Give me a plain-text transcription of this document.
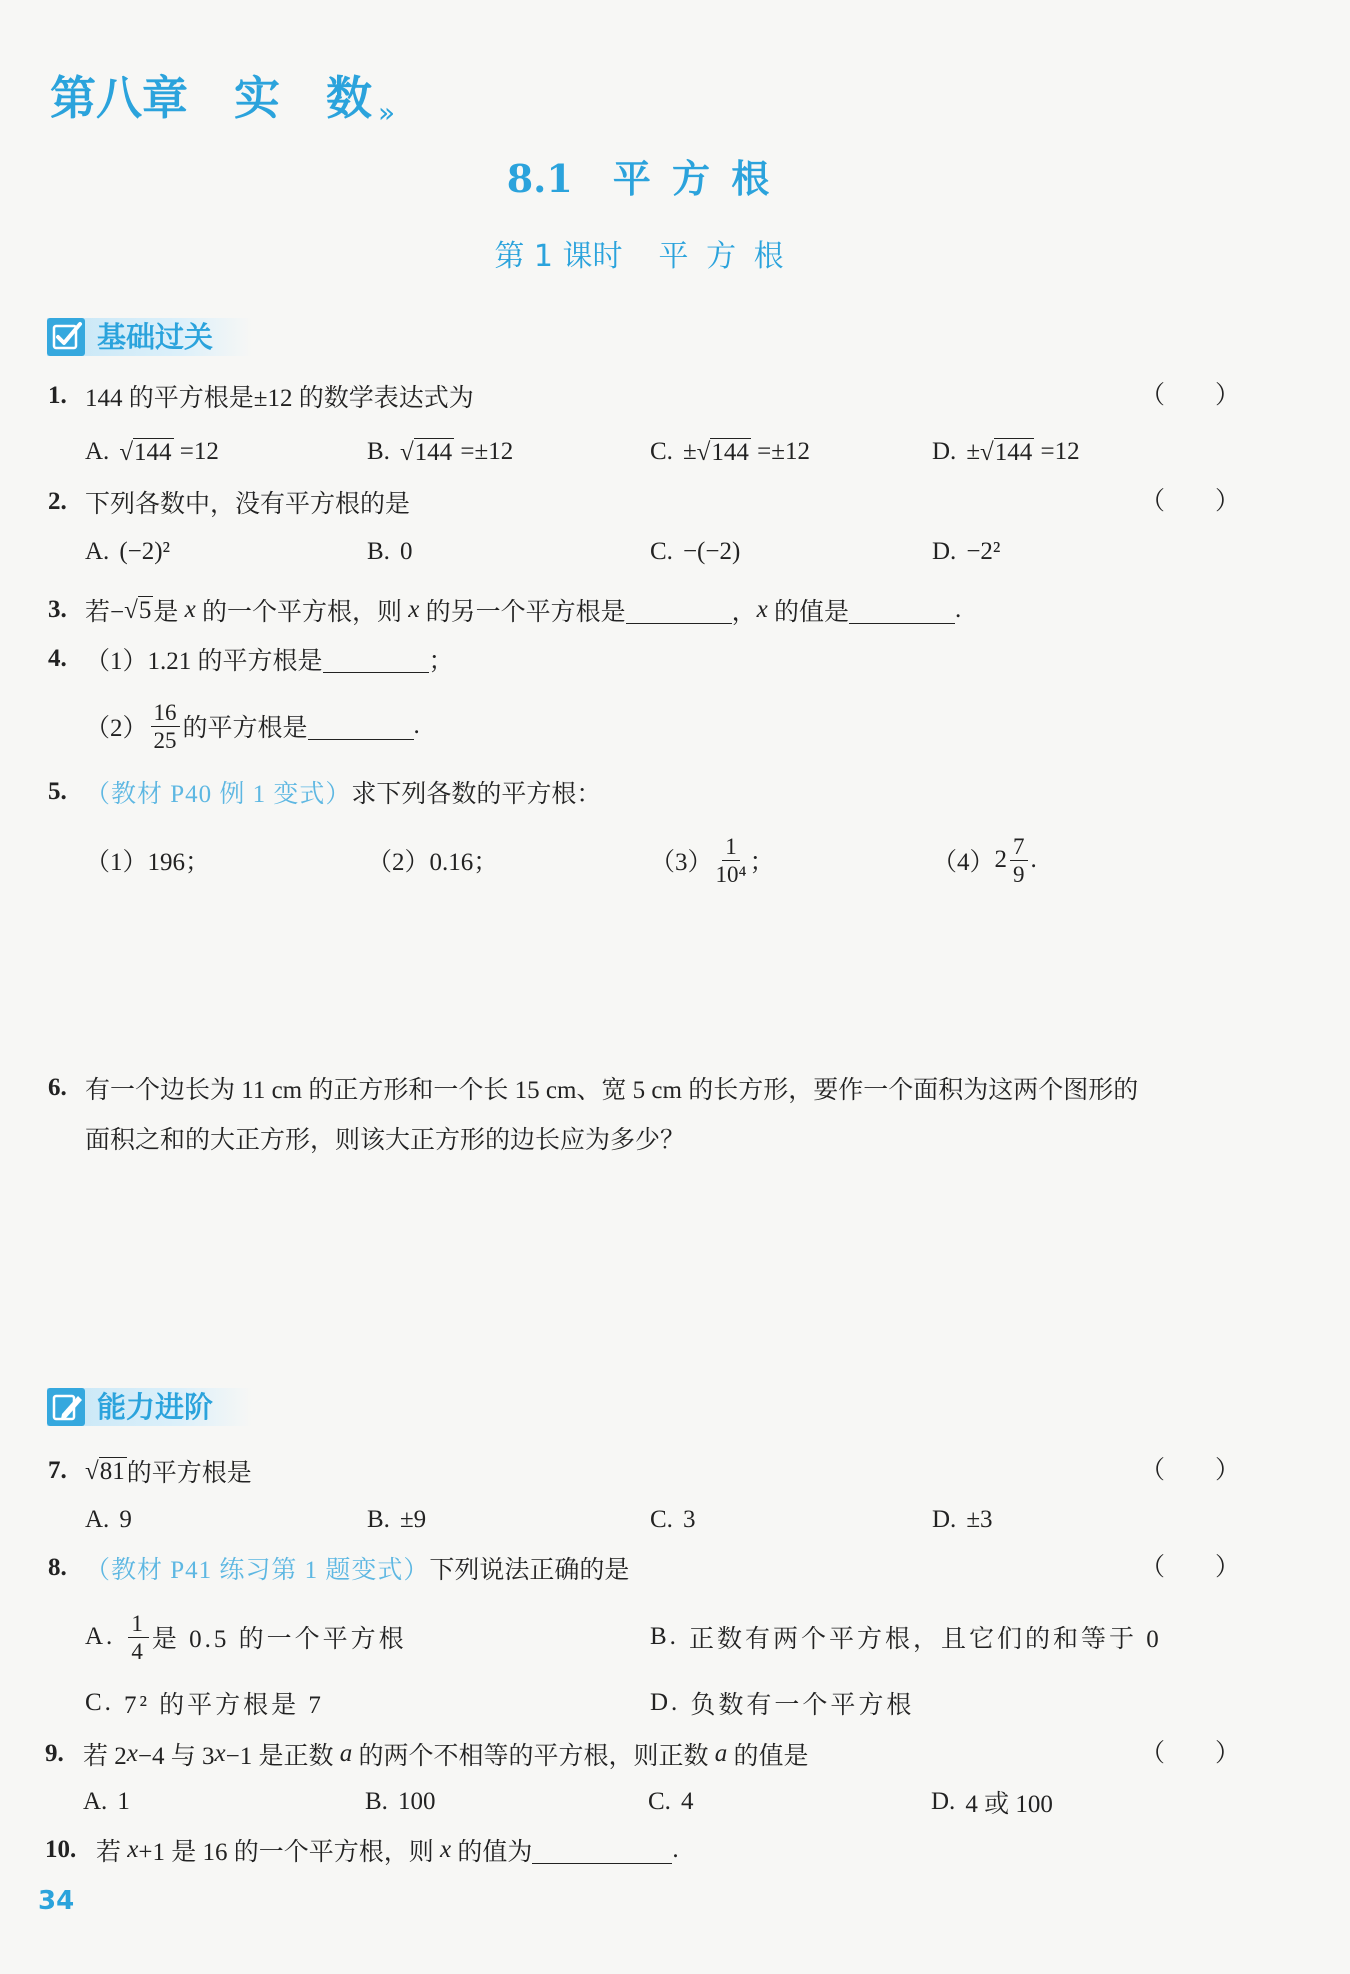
第八章　实　数 »
8.1 平 方 根
第 1 课时 平 方 根
基础过关
1. 144 的平方根是±12 的数学表达式为	（　　）
A. √144 =12	B. √144 =±12	C. ± √144 =±12	D. ± √144 =12
2. 下列各数中，没有平方根的是	（　　）
A. (−2)²	B. 0	C. −(−2)	D. −2²
3. 若− √5 是 x 的一个平方根，则 x 的另一个平方根是	， x 的值是	.
4. （1） 1.21 的平方根是	；
$(2) \frac{16}{25}$ 的平方根是	.
5. （教材 P40 例 1 变式） 求下列各数的平方根：
（1） 196；	（2） 0.16；	$(3) \frac{1}{\text{10⁴}}$ ；	（4） $2 \frac{7}{9}$ .
6. 有一个边长为 11 cm 的正方形和一个长 15 cm、宽 5 cm 的长方形，要作一个面积为这两个图形的
面积之和的大正方形，则该大正方形的边长应为多少？
能力进阶
7. √81 的平方根是	（　　）
A. 9	B. ±9	C. 3	D. ±3
8. （教材 P41 练习第 1 题变式） 下列说法正确的是	（　　）
A. $\frac{1}{4}$ 是 0.5 的一个平方根	B. 正数有两个平方根，且它们的和等于 0
C. 7² 的平方根是 7	D. 负数有一个平方根
9. 若 2 x −4 与 3 x −1 是正数 a 的两个不相等的平方根，则正数 a 的值是	（　　）
A. 1	B. 100	C. 4	D. 4 或 100
10. 若 x +1 是 16 的一个平方根，则 x 的值为	.
34
